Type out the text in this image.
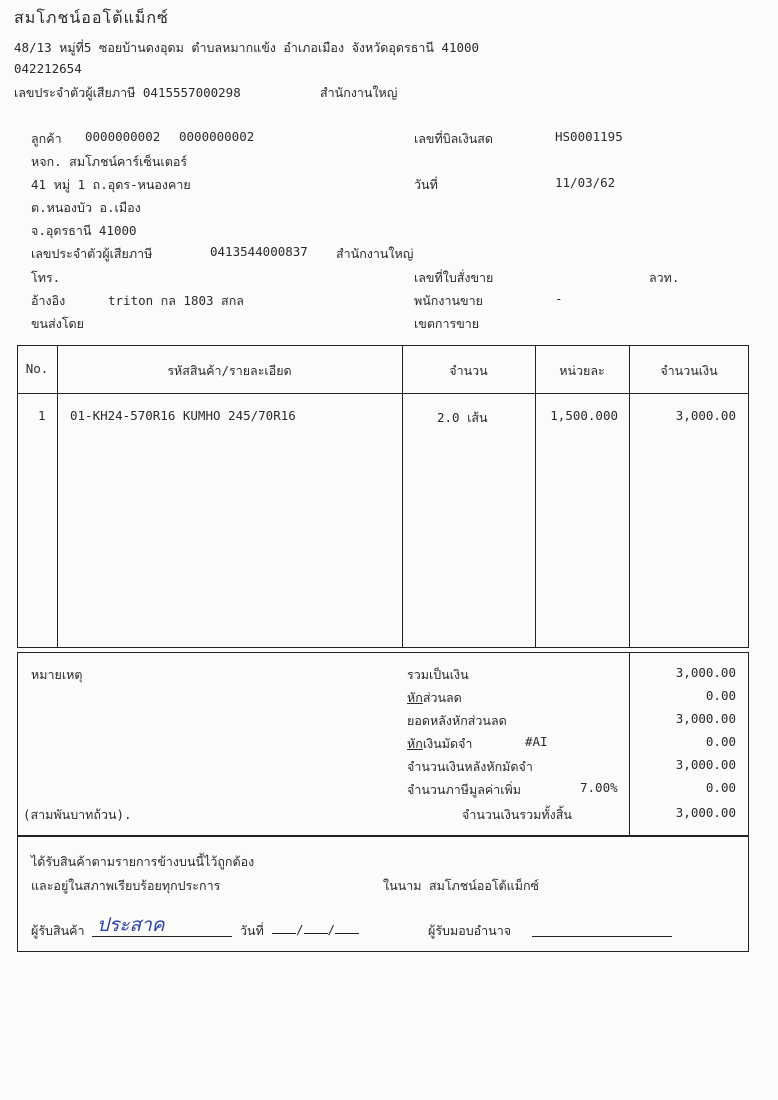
สมโภชน์ออโต้แม็กซ์
48/13 หมู่ที่5 ซอยบ้านดงอุดม ตำบลหมากแข้ง อำเภอเมือง จังหวัดอุดรธานี 41000
042212654
เลขประจำตัวผู้เสียภาษี 0415557000298	สำนักงานใหญ่
ลูกค้า 0000000002 0000000002
หจก. สมโภชน์คาร์เซ็นเตอร์
41 หมู่ 1 ถ.อุดร-หนองคาย
ต.หนองบัว อ.เมือง
จ.อุดรธานี 41000
เลขประจำตัวผู้เสียภาษี	0413544000837 สำนักงานใหญ่
โทร.
อ้างอิง	triton กล 1803 สกล
ขนส่งโดย
เลขที่บิลเงินสด	HS0001195
วันที่	11/03/62
เลขที่ใบสั่งขาย	ลวท.
พนักงานขาย	-
เขตการขาย
No.	รหัสสินค้า/รายละเอียด	จำนวน	หน่วยละ	จำนวนเงิน
1 01-KH24-570R16 KUMHO 245/70R16	2.0 เส้น	1,500.000	3,000.00
หมายเหตุ
(สามพันบาทถ้วน).
รวมเป็นเงิน	3,000.00
หักส่วนลด	0.00
ยอดหลังหักส่วนลด	3,000.00
หักเงินมัดจำ	#AI	0.00
จำนวนเงินหลังหักมัดจำ	3,000.00
จำนวนภาษีมูลค่าเพิ่ม	7.00%	0.00
จำนวนเงินรวมทั้งสิ้น	3,000.00
ได้รับสินค้าตามรายการข้างบนนี้ไว้ถูกต้อง
และอยู่ในสภาพเรียบร้อยทุกประการ	ในนาม สมโภชน์ออโต้แม็กซ์
ผู้รับสินค้า ประสาค	วันที่	/ /	ผู้รับมอบอำนาจ
